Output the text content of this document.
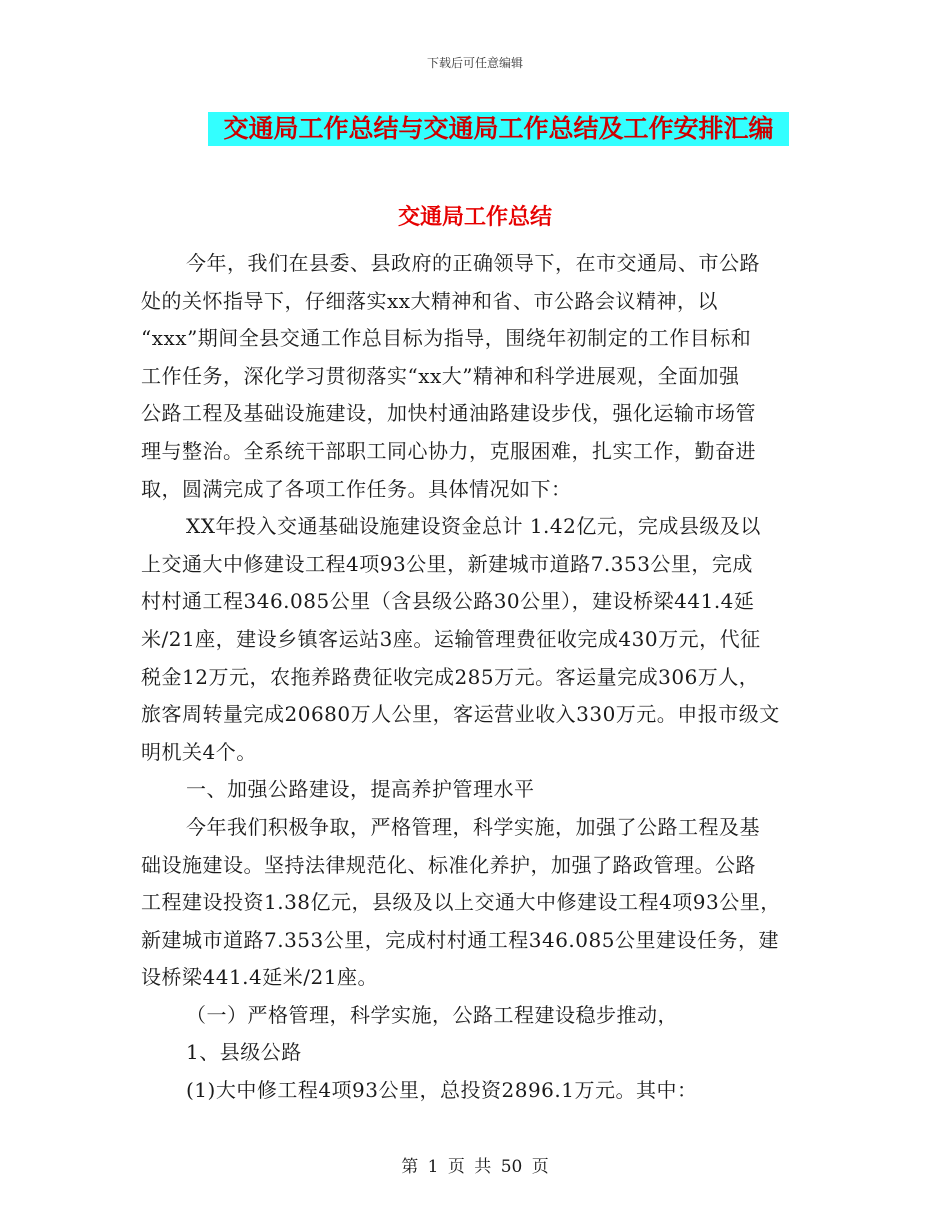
下载后可任意编辑
交通局工作总结与交通局工作总结及工作安排汇编
交通局工作总结
今年，我们在县委、县政府的正确领导下，在市交通局、市公路
处的关怀指导下，仔细落实xx大精神和省、市公路会议精神，以
“xxx”期间全县交通工作总目标为指导，围绕年初制定的工作目标和
工作任务，深化学习贯彻落实“xx大”精神和科学进展观，全面加强
公路工程及基础设施建设，加快村通油路建设步伐，强化运输市场管
理与整治。全系统干部职工同心协力，克服困难，扎实工作，勤奋进
取，圆满完成了各项工作任务。具体情况如下：
XX年投入交通基础设施建设资金总计 1.42亿元，完成县级及以
上交通大中修建设工程4项93公里，新建城市道路7.353公里，完成
村村通工程346.085公里（含县级公路30公里），建设桥梁441.4延
米/21座，建设乡镇客运站3座。运输管理费征收完成430万元，代征
税金12万元，农拖养路费征收完成285万元。客运量完成306万人，
旅客周转量完成20680万人公里，客运营业收入330万元。申报市级文
明机关4个。
一、加强公路建设，提高养护管理水平
今年我们积极争取，严格管理，科学实施，加强了公路工程及基
础设施建设。坚持法律规范化、标准化养护，加强了路政管理。公路
工程建设投资1.38亿元，县级及以上交通大中修建设工程4项93公里，
新建城市道路7.353公里，完成村村通工程346.085公里建设任务，建
设桥梁441.4延米/21座。
（一）严格管理，科学实施，公路工程建设稳步推动，
1、县级公路
(1)大中修工程4项93公里，总投资2896.1万元。其中：
第 1 页 共 50 页
